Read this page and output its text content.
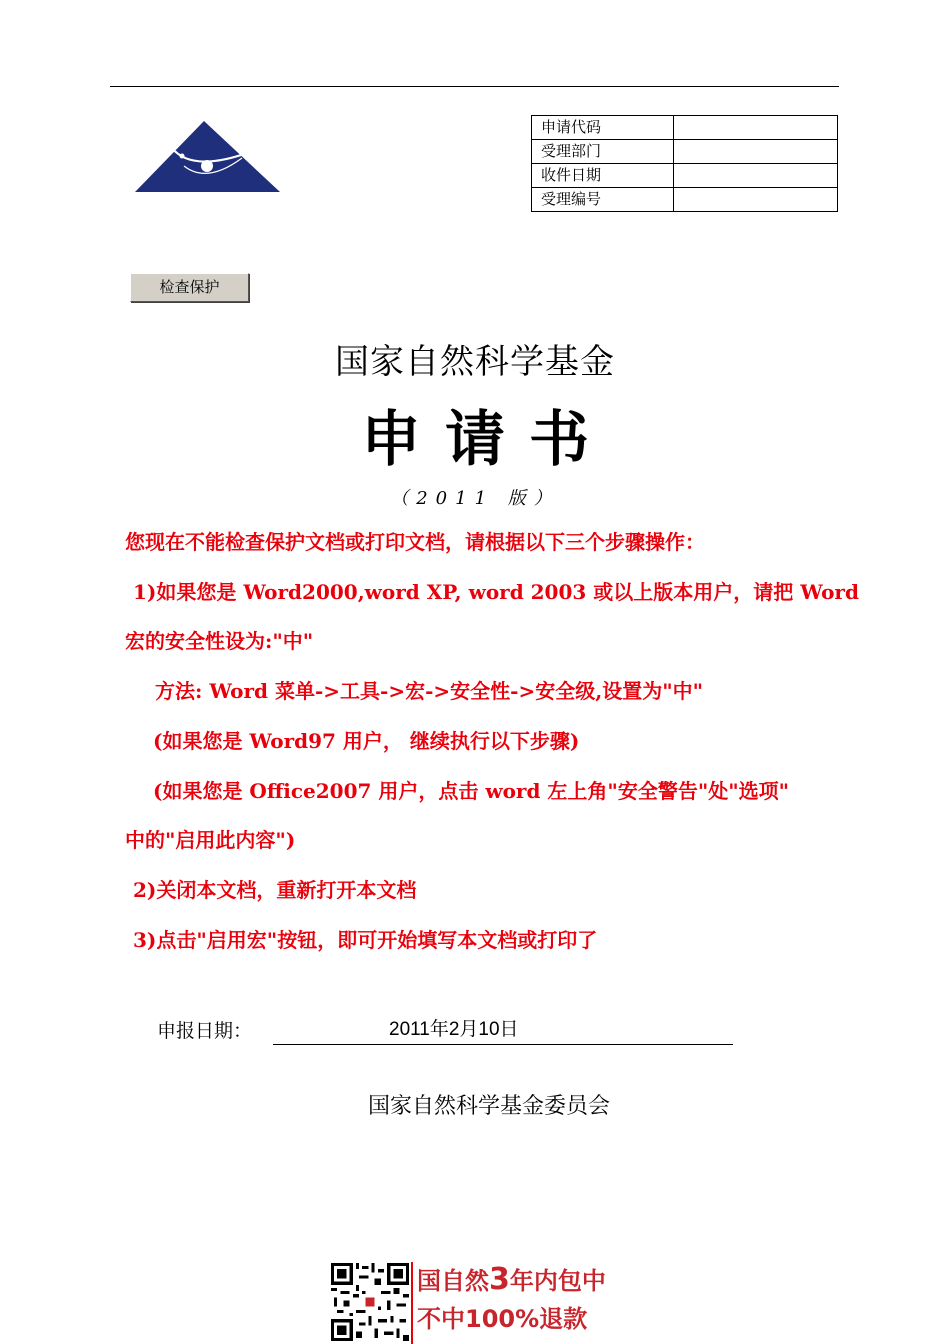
申请代码	
受理部门	
收件日期	
受理编号	
检查保护
国家自然科学基金
申请书
（2011 版）
您现在不能检查保护文档或打印文档，请根据以下三个步骤操作：
1)如果您是 Word2000,word XP, word 2003 或以上版本用户，请把 Word
宏的安全性设为:"中"
方法: Word 菜单->工具->宏->安全性->安全级,设置为"中"
(如果您是 Word97 用户， 继续执行以下步骤)
(如果您是 Office2007 用户，点击 word 左上角"安全警告"处"选项"
中的"启用此内容")
2)关闭本文档，重新打开本文档
3)点击"启用宏"按钮，即可开始填写本文档或打印了
申报日期：	2011年2月10日
国家自然科学基金委员会
国自然3年内包中
不中100%退款
